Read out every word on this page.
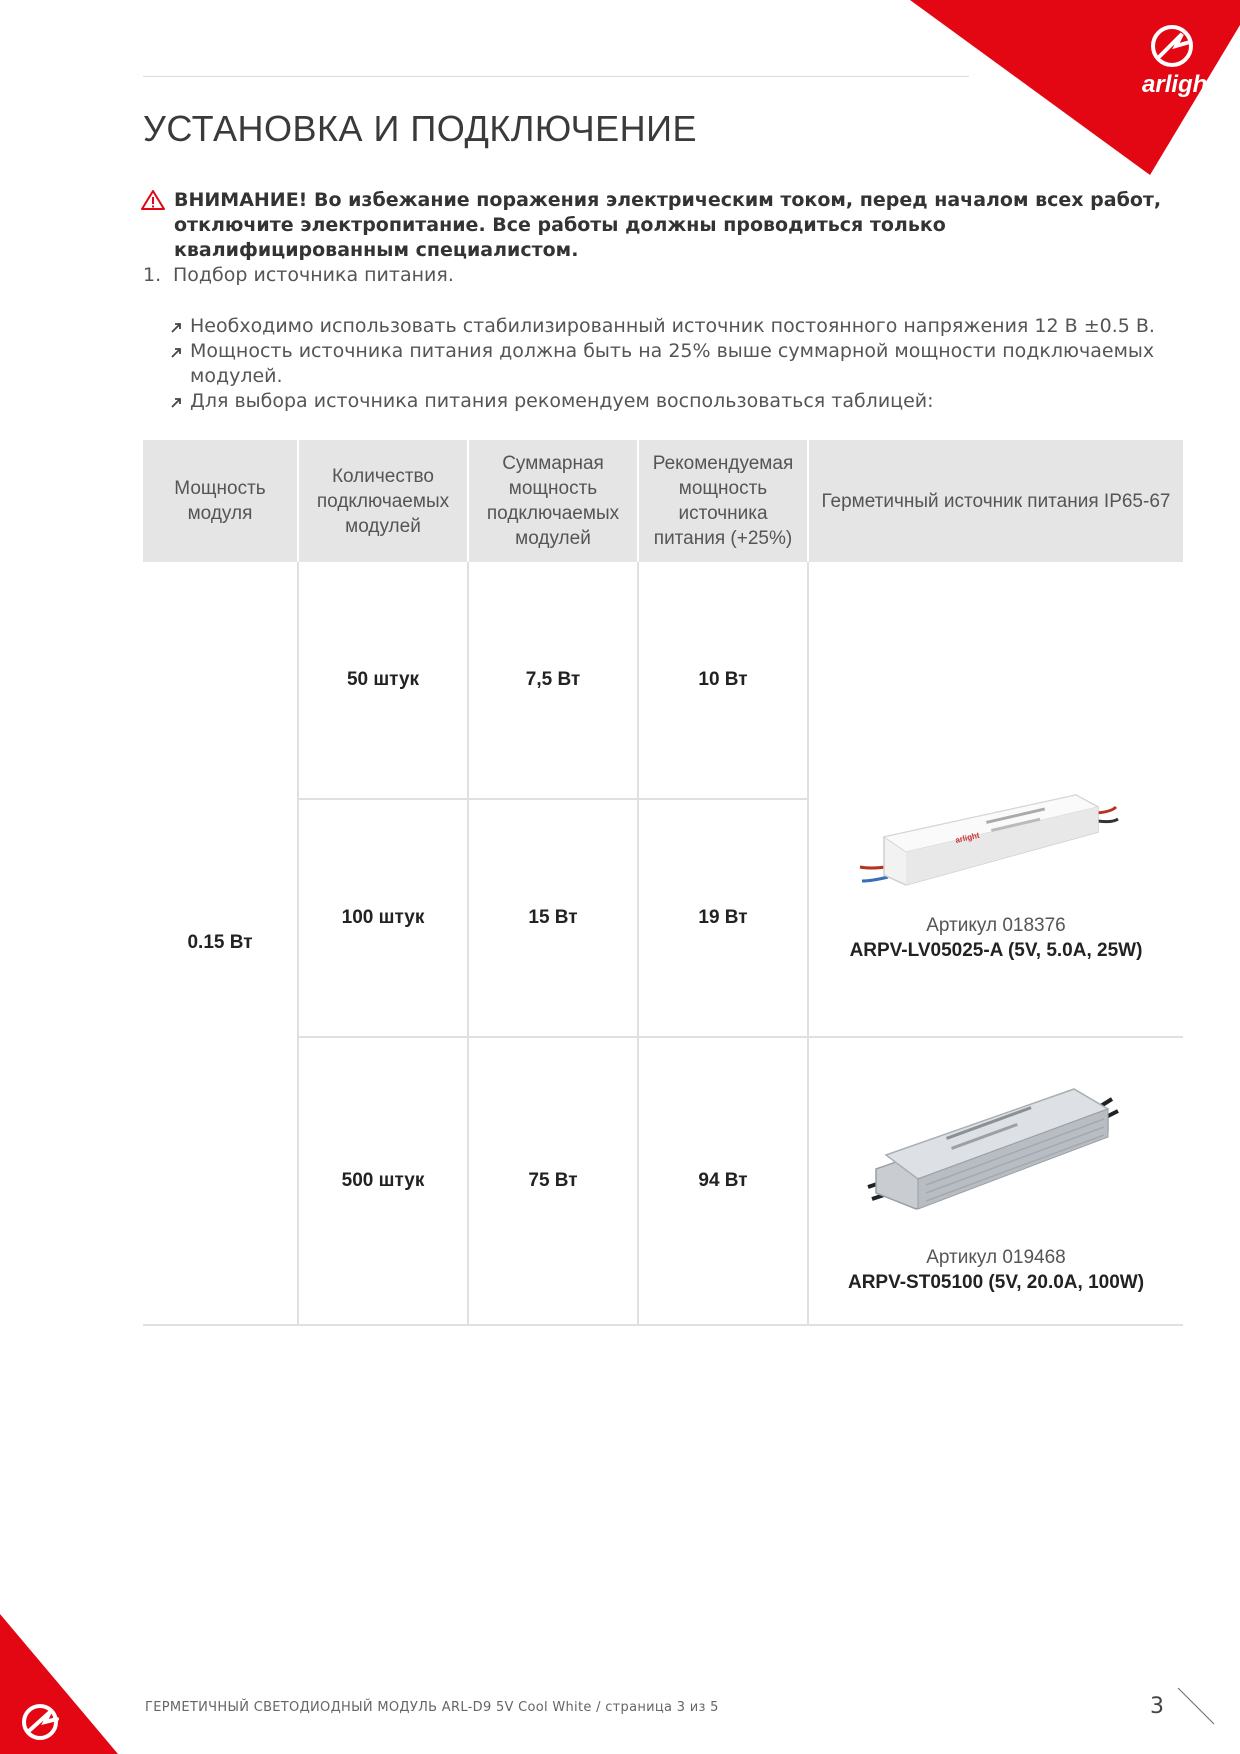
arlight
УСТАНОВКА И ПОДКЛЮЧЕНИЕ
ВНИМАНИЕ! Во избежание поражения электрическим током, перед началом всех работ, отключите электропитание. Все работы должны проводиться только квалифицированным специалистом.
1. Подбор источника питания.
Необходимо использовать стабилизированный источник постоянного напряжения 12 В ±0.5 В.
Мощность источника питания должна быть на 25% выше суммарной мощности подключаемых модулей.
Для выбора источника питания рекомендуем воспользоваться таблицей:
Мощность модуля	Количество подключаемых модулей	Суммарная мощность подключаемых модулей	Рекомендуемая мощность источника питания (+25%)	Герметичный источник питания IP65-67
0.15 Вт	50 штук	7,5 Вт	10 Вт	arlight
Артикул 018376
ARPV-LV05025-A (5V, 5.0A, 25W)

	100 штук	15 Вт	19 Вт	
	500 штук	75 Вт	94 Вт	Артикул 019468
ARPV-ST05100 (5V, 20.0A, 100W)
ГЕРМЕТИЧНЫЙ СВЕТОДИОДНЫЙ МОДУЛЬ ARL-D9 5V Cool White / страница 3 из 5	3
